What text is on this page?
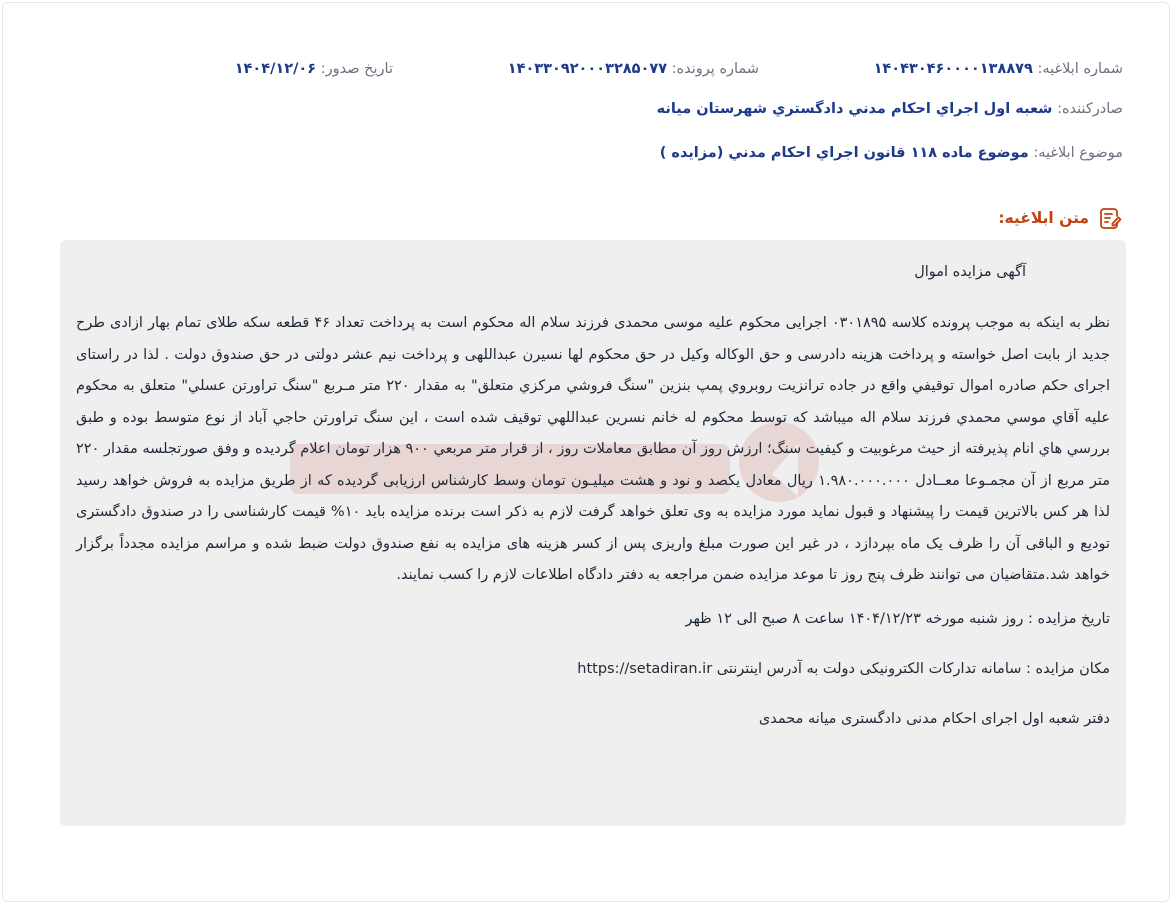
شماره ابلاغيه: ۱۴۰۴۳۰۴۶۰۰۰۰۱۳۸۸۷۹
شماره پرونده: ۱۴۰۳۳۰۹۲۰۰۰۳۲۸۵۰۷۷
تاريخ صدور: ۱۴۰۴/۱۲/۰۶
صادرکننده: شعبه اول اجراي احکام مدني دادگستري شهرستان ميانه
موضوع ابلاغيه: موضوع ماده ۱۱۸ قانون اجراي احکام مدني (مزايده )
متن ابلاغيه:

آگهی مزایده اموال

نظر به اینکه به موجب پرونده کلاسه ۰۳۰۱۸۹۵ اجرایی محکوم علیه موسی محمدی فرزند سلام اله محکوم است به پرداخت تعداد ۴۶ قطعه سکه طلای تمام بهار ازادی طرح جدید از بابت اصل خواسته و پرداخت هزینه دادرسی و حق الوکاله وکیل در حق محکوم لها نسیرن عبداللهی و پرداخت نیم عشر دولتی در حق صندوق دولت . لذا در راستای اجرای حکم صادره اموال توقيفي واقع در جاده ترانزيت روبروي پمپ بنزين "سنگ فروشي مرکزي متعلق" به مقدار ۲۲۰ متر مـربع "سنگ تراورتن عسلي" متعلق به محکوم عليه آقاي موسي محمدي فرزند سلام اله ميباشد که توسط محکوم له خانم نسرين عبداللهي توقيف شده است ، اين سنگ تراورتن حاجي آباد از نوع متوسط بوده و طبق بررسي هاي انام پذيرفته از حيث مرغوبيت و کيفيت سنگ؛ ارزش روز آن مطابق معاملات روز ، از قرار متر مربعي ۹۰۰ هزار تومان اعلام گرديده و وفق صورتجلسه مقدار ۲۲۰ متر مربع از آن مجمـوعا معــادل ۱.۹۸۰.۰۰۰.۰۰۰ ريال معادل يکصد و نود و هشت ميليـون تومان وسط کارشناس ارزيابی گرديده که از طريق مزايده به فروش خواهد رسيد لذا هر کس بالاترين قيمت را پيشنهاد و قبول نمايد مورد مزايده به وی تعلق خواهد گرفت لازم به ذکر است برنده مزايده بايد ۱۰% قيمت کارشناسی را در صندوق دادگستری توديع و الباقی آن را ظرف يک ماه بپردازد ، در غير اين صورت مبلغ واريزی پس از کسر هزينه های مزايده به نفع صندوق دولت ضبط شده و مراسم مزايده مجدداً برگزار خواهد شد.متقاضيان می توانند ظرف پنج روز تا موعد مزايده ضمن مراجعه به دفتر دادگاه اطلاعات لازم را کسب نمايند.

تاريخ مزايده : روز شنبه مورخه ۱۴۰۴/۱۲/۲۳ ساعت ۸ صبح الی ۱۲ ظهر

مکان مزايده : سامانه تدارکات الکترونيکی دولت به آدرس اينترنتی https://setadiran.ir

دفتر شعبه اول اجرای احکام مدنی دادگستری ميانه محمدی
